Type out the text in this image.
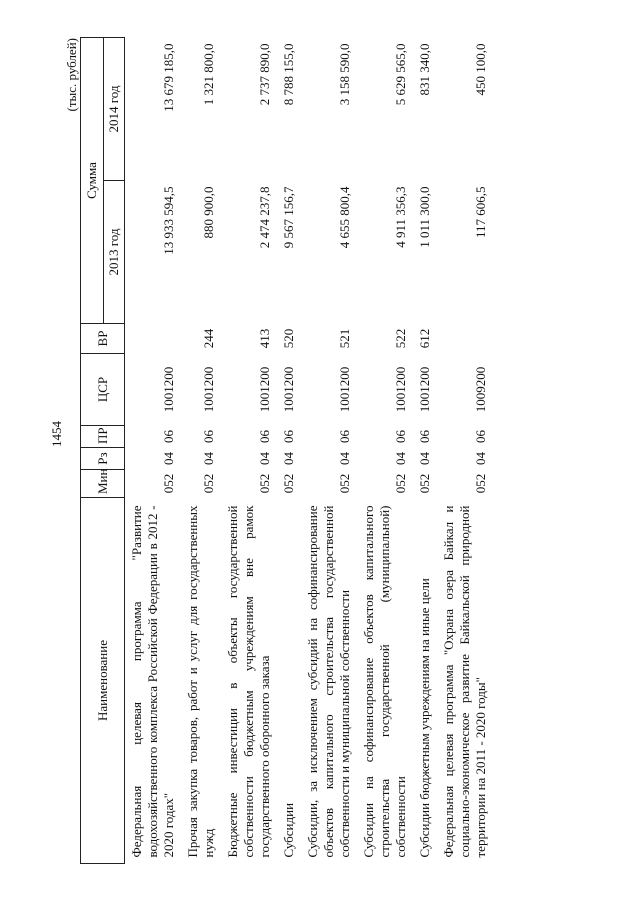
1454
(тыс. рублей)
Наименование	Мин	Рз	ПР	ЦСР	ВР	Сумма	
						2013 год	2014 год
Федеральная целевая программа "Развитие водохозяйственного комплекса Российской Федерации в 2012 - 2020 годах"	052	04	06	1001200		13 933 594,5	13 679 185,0
Прочая закупка товаров, работ и услуг для государственных нужд	052	04	06	1001200	244	880 900,0	1 321 800,0
Бюджетные инвестиции в объекты государственной собственности бюджетным учреждениям вне рамок государственного оборонного заказа	052	04	06	1001200	413	2 474 237,8	2 737 890,0
Субсидии	052	04	06	1001200	520	9 567 156,7	8 788 155,0
Субсидии, за исключением субсидий на софинансирование объектов капитального строительства государственной собственности и муниципальной собственности	052	04	06	1001200	521	4 655 800,4	3 158 590,0
Субсидии на софинансирование объектов капитального строительства государственной (муниципальной) собственности	052	04	06	1001200	522	4 911 356,3	5 629 565,0
Субсидии бюджетным учреждениям на иные цели	052	04	06	1001200	612	1 011 300,0	831 340,0
Федеральная целевая программа "Охрана озера Байкал и социально-экономическое развитие Байкальской природной территории на 2011 - 2020 годы"	052	04	06	1009200		117 606,5	450 100,0
